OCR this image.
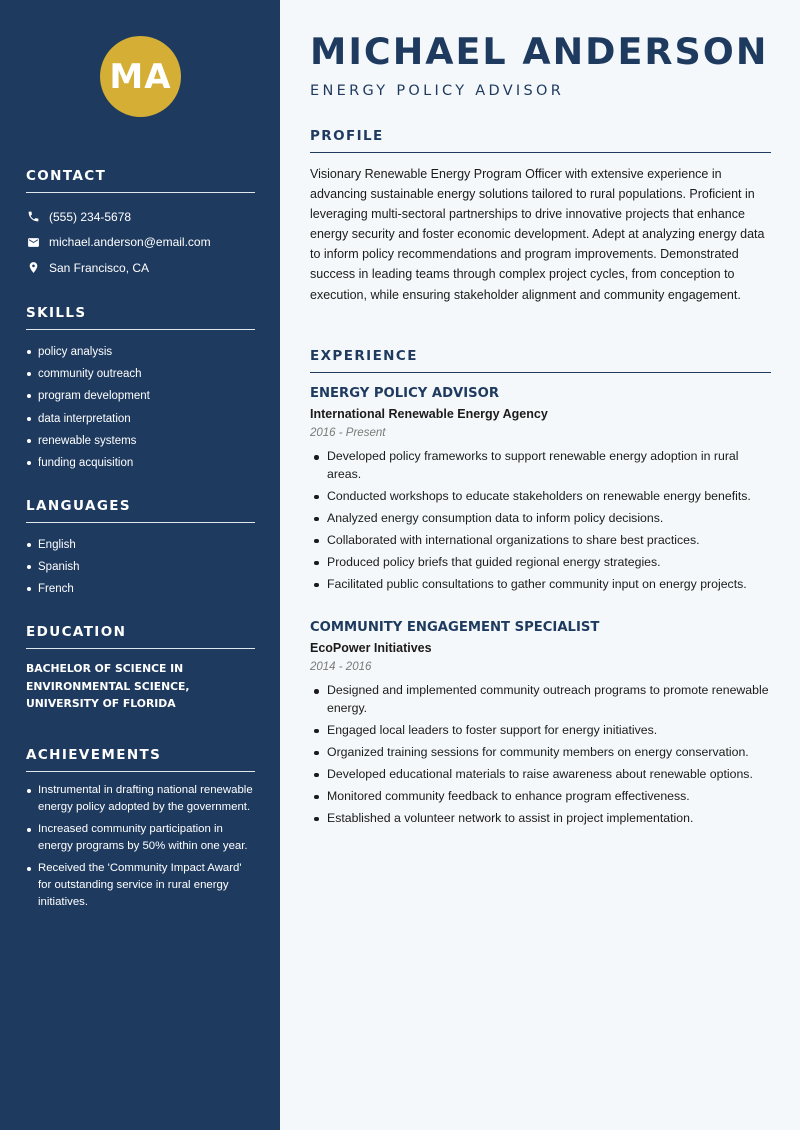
MA
CONTACT
(555) 234-5678
michael.anderson@email.com
San Francisco, CA
SKILLS
policy analysis
community outreach
program development
data interpretation
renewable systems
funding acquisition
LANGUAGES
English
Spanish
French
EDUCATION
BACHELOR OF SCIENCE IN ENVIRONMENTAL SCIENCE, UNIVERSITY OF FLORIDA
ACHIEVEMENTS
Instrumental in drafting national renewable energy policy adopted by the government.
Increased community participation in energy programs by 50% within one year.
Received the 'Community Impact Award' for outstanding service in rural energy initiatives.
MICHAEL ANDERSON
ENERGY POLICY ADVISOR
PROFILE

Visionary Renewable Energy Program Officer with extensive experience in advancing sustainable energy solutions tailored to rural populations. Proficient in leveraging multi-sectoral partnerships to drive innovative projects that enhance energy security and foster economic development. Adept at analyzing energy data to inform policy recommendations and program improvements. Demonstrated success in leading teams through complex project cycles, from conception to execution, while ensuring stakeholder alignment and community engagement.

EXPERIENCE
ENERGY POLICY ADVISOR
International Renewable Energy Agency
2016 - Present
Developed policy frameworks to support renewable energy adoption in rural areas.
Conducted workshops to educate stakeholders on renewable energy benefits.
Analyzed energy consumption data to inform policy decisions.
Collaborated with international organizations to share best practices.
Produced policy briefs that guided regional energy strategies.
Facilitated public consultations to gather community input on energy projects.
COMMUNITY ENGAGEMENT SPECIALIST
EcoPower Initiatives
2014 - 2016
Designed and implemented community outreach programs to promote renewable energy.
Engaged local leaders to foster support for energy initiatives.
Organized training sessions for community members on energy conservation.
Developed educational materials to raise awareness about renewable options.
Monitored community feedback to enhance program effectiveness.
Established a volunteer network to assist in project implementation.
